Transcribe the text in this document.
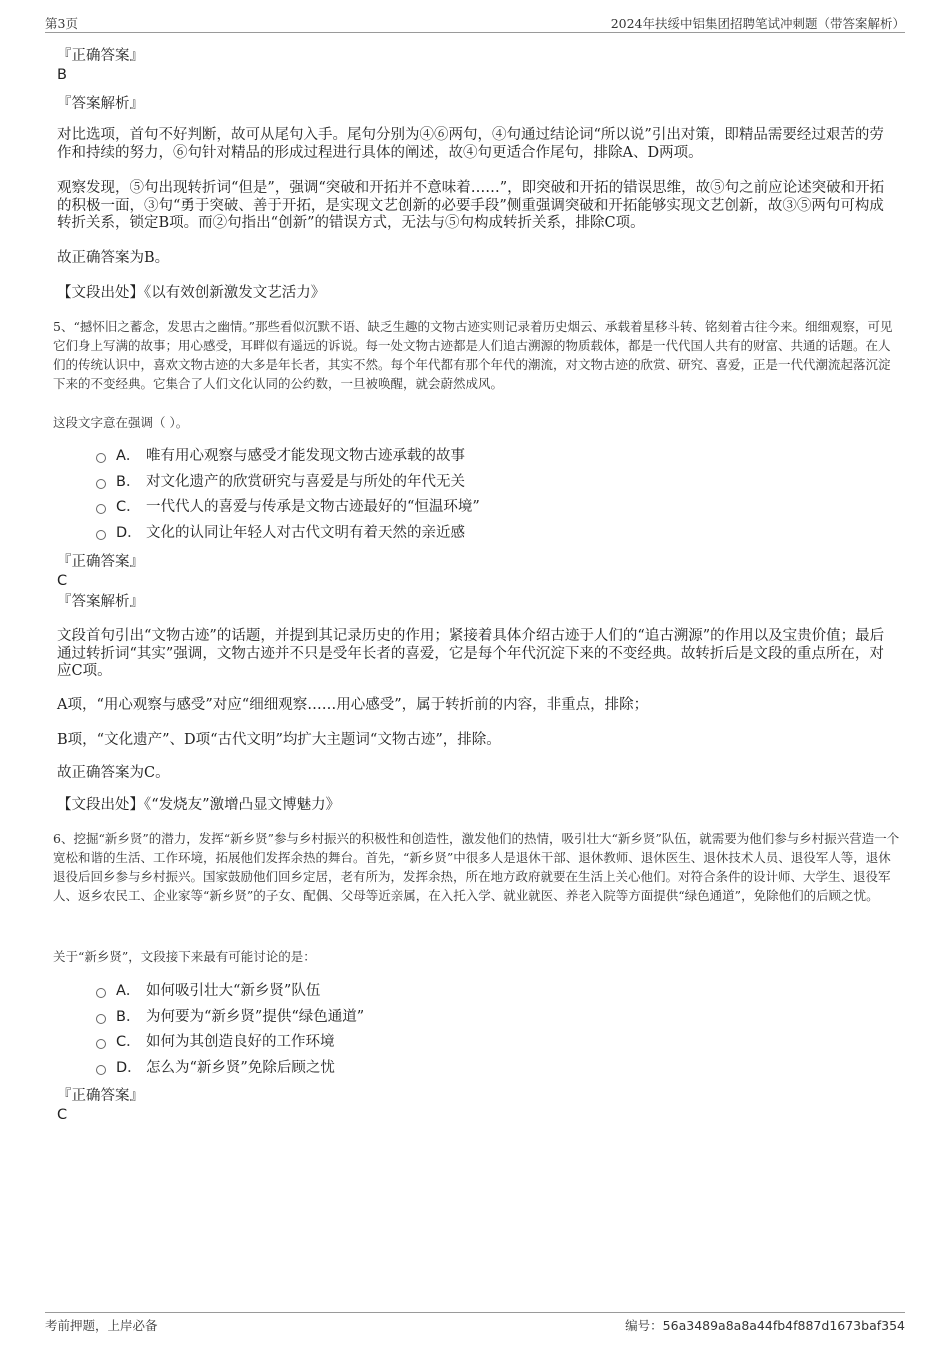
第3页	2024年扶绥中铝集团招聘笔试冲刺题（带答案解析）
『正确答案』
B
『答案解析』

对比选项，首句不好判断，故可从尾句入手。尾句分别为④⑥两句，④句通过结论词“所以说”引出对策，即精品需要经过艰苦的劳作和持续的努力，⑥句针对精品的形成过程进行具体的阐述，故④句更适合作尾句，排除A、D两项。

观察发现，⑤句出现转折词“但是”，强调“突破和开拓并不意味着……”，即突破和开拓的错误思维，故⑤句之前应论述突破和开拓的积极一面，③句“勇于突破、善于开拓，是实现文艺创新的必要手段”侧重强调突破和开拓能够实现文艺创新，故③⑤两句可构成转折关系，锁定B项。而②句指出“创新”的错误方式，无法与⑤句构成转折关系，排除C项。

故正确答案为B。

【文段出处】《以有效创新激发文艺活力》

5、“撼怀旧之蓄念，发思古之幽情。”那些看似沉默不语、缺乏生趣的文物古迹实则记录着历史烟云、承载着星移斗转、铭刻着古往今来。细细观察，可见它们身上写满的故事；用心感受，耳畔似有遥远的诉说。每一处文物古迹都是人们追古溯源的物质载体，都是一代代国人共有的财富、共通的话题。在人们的传统认识中，喜欢文物古迹的大多是年长者，其实不然。每个年代都有那个年代的潮流，对文物古迹的欣赏、研究、喜爱，正是一代代潮流起落沉淀下来的不变经典。它集合了人们文化认同的公约数，一旦被唤醒，就会蔚然成风。

这段文字意在强调（ ）。

A． 唯有用心观察与感受才能发现文物古迹承载的故事
B． 对文化遗产的欣赏研究与喜爱是与所处的年代无关
C． 一代代人的喜爱与传承是文物古迹最好的“恒温环境”
D． 文化的认同让年轻人对古代文明有着天然的亲近感
『正确答案』
C
『答案解析』

文段首句引出“文物古迹”的话题，并提到其记录历史的作用；紧接着具体介绍古迹于人们的“追古溯源”的作用以及宝贵价值；最后通过转折词“其实”强调，文物古迹并不只是受年长者的喜爱，它是每个年代沉淀下来的不变经典。故转折后是文段的重点所在，对应C项。

A项，“用心观察与感受”对应“细细观察……用心感受”，属于转折前的内容，非重点，排除；

B项，“文化遗产”、D项“古代文明”均扩大主题词“文物古迹”，排除。

故正确答案为C。

【文段出处】《“发烧友”激增凸显文博魅力》

6、挖掘“新乡贤”的潜力，发挥“新乡贤”参与乡村振兴的积极性和创造性，激发他们的热情，吸引壮大“新乡贤”队伍，就需要为他们参与乡村振兴营造一个宽松和谐的生活、工作环境，拓展他们发挥余热的舞台。首先，“新乡贤”中很多人是退休干部、退休教师、退休医生、退休技术人员、退役军人等，退休退役后回乡参与乡村振兴。国家鼓励他们回乡定居，老有所为，发挥余热，所在地方政府就要在生活上关心他们。对符合条件的设计师、大学生、退役军人、返乡农民工、企业家等“新乡贤”的子女、配偶、父母等近亲属，在入托入学、就业就医、养老入院等方面提供“绿色通道”，免除他们的后顾之忧。

关于“新乡贤”，文段接下来最有可能讨论的是：

A． 如何吸引壮大“新乡贤”队伍
B． 为何要为“新乡贤”提供“绿色通道”
C． 如何为其创造良好的工作环境
D． 怎么为“新乡贤”免除后顾之忧
『正确答案』
C
考前押题，上岸必备	编号：56a3489a8a8a44fb4f887d1673baf354
